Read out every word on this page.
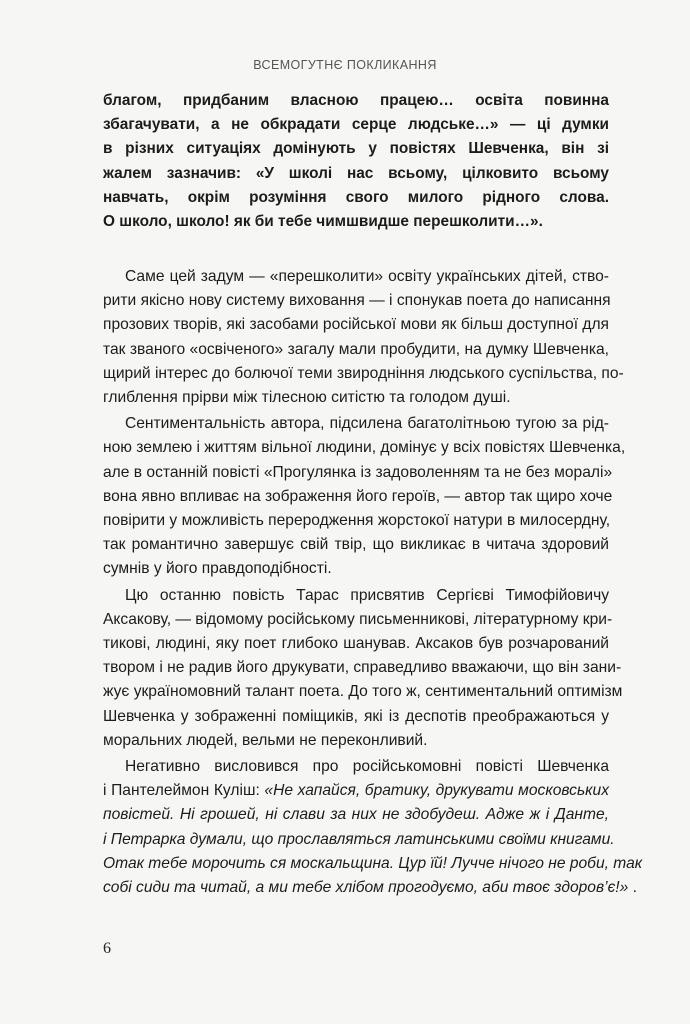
ВСЕМОГУТНЄ ПОКЛИКАННЯ
благом, придбаним власною працею… освіта повинна
збагачувати, а не обкрадати серце людське…» — ці думки
в різних ситуаціях домінують у повістях Шевченка, він зі
жалем зазначив: «У школі нас всьому, цілковито всьому
навчать, окрім розуміння свого милого рідного слова.
О школо, школо! як би тебе чимшвидше перешколити…».
Саме цей задум — «перешколити» освіту українських дітей, ство-
рити якісно нову систему виховання — і спонукав поета до написання
прозових творів, які засобами російської мови як більш доступної для
так званого «освіченого» загалу мали пробудити, на думку Шевченка,
щирий інтерес до болючої теми звироднiння людського суспільства, по-
глиблення прірви між тілесною ситістю та голодом душі.
Сентиментальність автора, підсилена багатолітньою тугою за рід-
ною землею і життям вільної людини, домінує у всіх повістях Шевченка,
але в останній повісті «Прогулянка із задоволенням та не без моралі»
вона явно впливає на зображення його героїв, — автор так щиро хоче
повірити у можливість переродження жорстокої натури в милосердну,
так романтично завершує свій твір, що викликає в читача здоровий
сумнів у його правдоподібності.
Цю останню повість Тарас присвятив Сергієві Тимофійовичу
Аксакову, — відомому російському письменникові, літературному кри-
тикові, людині, яку поет глибоко шанував. Аксаков був розчарований
твором і не радив його друкувати, справедливо вважаючи, що він зани-
жує україномовний талант поета. До того ж, сентиментальний оптимізм
Шевченка у зображенні поміщиків, які із деспотів преображаються у
моральних людей, вельми не переконливий.
Негативно висловився про російськомовні повісті Шевченка
і Пантелеймон Куліш: «Не хапайся, братику, друкувати московських
повістей. Ні грошей, ні слави за них не здобудеш. Адже ж і Данте,
і Петрарка думали, що прославляться латинськими своїми книгами.
Отак тебе морочить ся москальщина. Цур їй! Лучче нічого не роби, так
собі сиди та читай, а ми тебе хлібом прогодуємо, аби твоє здоров’є!» .
6
